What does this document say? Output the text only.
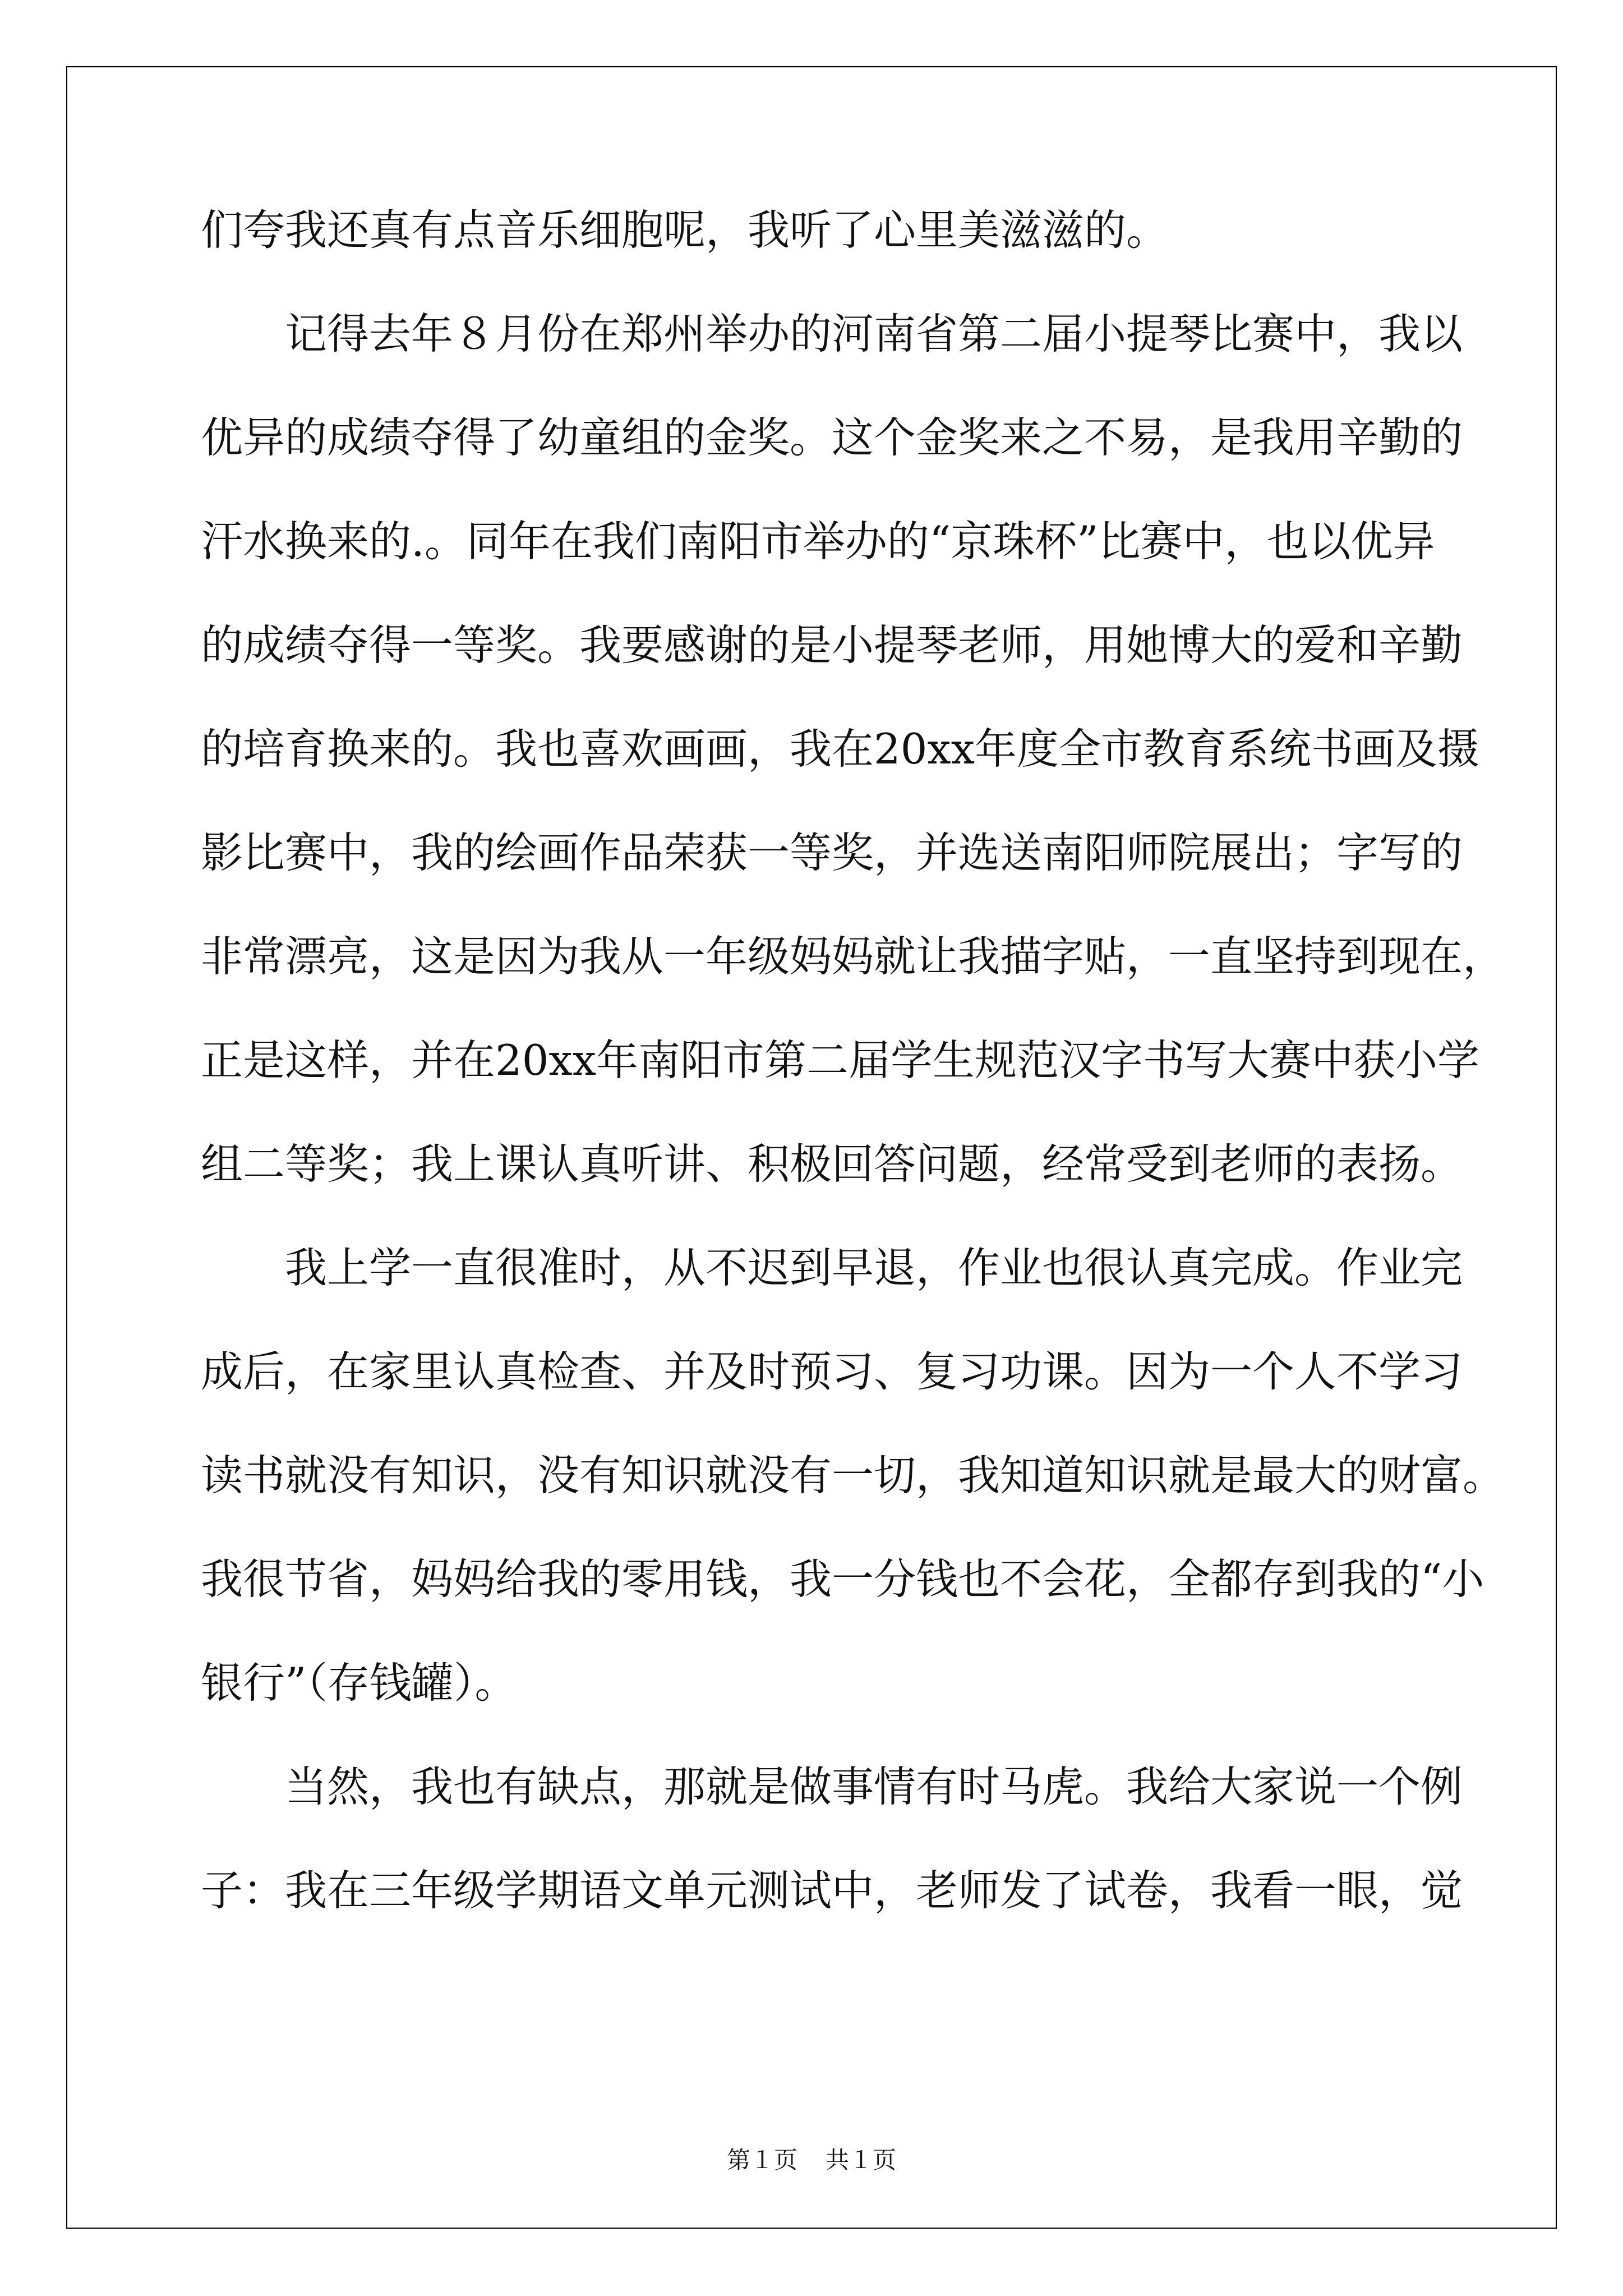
们夸我还真有点音乐细胞呢，我听了心里美滋滋的。

记得去年８月份在郑州举办的河南省第二届小提琴比赛中，我以
优异的成绩夺得了幼童组的金奖。这个金奖来之不易，是我用辛勤的
汗水换来的.。同年在我们南阳市举办的“京珠杯”比赛中，也以优异
的成绩夺得一等奖。我要感谢的是小提琴老师，用她博大的爱和辛勤
的培育换来的。我也喜欢画画，我在20xx年度全市教育系统书画及摄
影比赛中，我的绘画作品荣获一等奖，并选送南阳师院展出；字写的
非常漂亮，这是因为我从一年级妈妈就让我描字贴，一直坚持到现在，
正是这样，并在20xx年南阳市第二届学生规范汉字书写大赛中获小学
组二等奖；我上课认真听讲、积极回答问题，经常受到老师的表扬。

我上学一直很准时，从不迟到早退，作业也很认真完成。作业完
成后，在家里认真检查、并及时预习、复习功课。因为一个人不学习
读书就没有知识，没有知识就没有一切，我知道知识就是最大的财富。
我很节省，妈妈给我的零用钱，我一分钱也不会花，全都存到我的“小
银行”（存钱罐）。

当然，我也有缺点，那就是做事情有时马虎。我给大家说一个例
子：我在三年级学期语文单元测试中，老师发了试卷，我看一眼，觉

第１页 共１页
